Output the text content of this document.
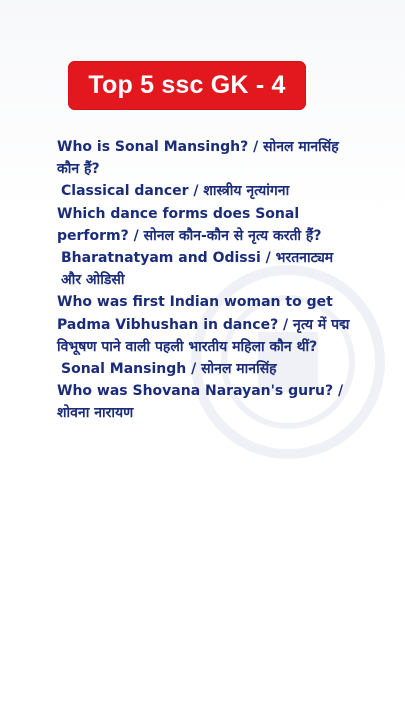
Top 5 ssc GK - 4
Who is Sonal Mansingh? / सोनल मानसिंह कौन हैं?
Classical dancer / शास्त्रीय नृत्यांगना
Which dance forms does Sonal perform? / सोनल कौन-कौन से नृत्य करती हैं?
Bharatnatyam and Odissi / भरतनाट्यम और ओडिसी
Who was first Indian woman to get Padma Vibhushan in dance? / नृत्य में पद्म विभूषण पाने वाली पहली भारतीय महिला कौन थीं?
Sonal Mansingh / सोनल मानसिंह
Who was Shovana Narayan's guru? / शोवना नारायण
